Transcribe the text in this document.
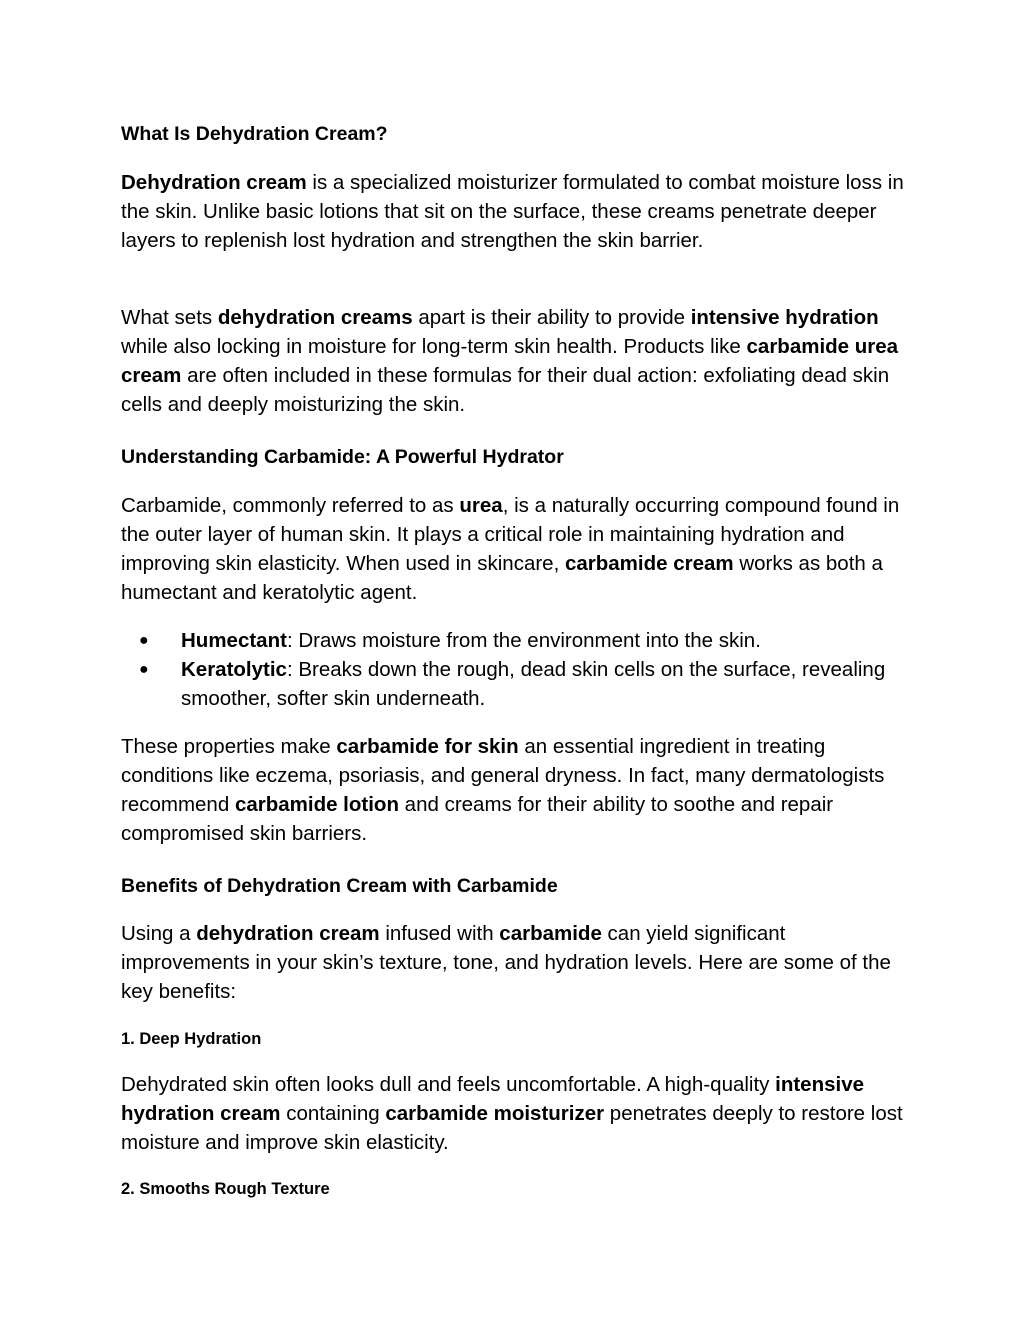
What Is Dehydration Cream?

Dehydration cream is a specialized moisturizer formulated to combat moisture loss in the skin. Unlike basic lotions that sit on the surface, these creams penetrate deeper layers to replenish lost hydration and strengthen the skin barrier.

What sets dehydration creams apart is their ability to provide intensive hydration while also locking in moisture for long-term skin health. Products like carbamide urea cream are often included in these formulas for their dual action: exfoliating dead skin cells and deeply moisturizing the skin.

Understanding Carbamide: A Powerful Hydrator

Carbamide, commonly referred to as urea, is a naturally occurring compound found in the outer layer of human skin. It plays a critical role in maintaining hydration and improving skin elasticity. When used in skincare, carbamide cream works as both a humectant and keratolytic agent.

● Humectant: Draws moisture from the environment into the skin.
● Keratolytic: Breaks down the rough, dead skin cells on the surface, revealing smoother, softer skin underneath.

These properties make carbamide for skin an essential ingredient in treating conditions like eczema, psoriasis, and general dryness. In fact, many dermatologists recommend carbamide lotion and creams for their ability to soothe and repair compromised skin barriers.

Benefits of Dehydration Cream with Carbamide

Using a dehydration cream infused with carbamide can yield significant improvements in your skin’s texture, tone, and hydration levels. Here are some of the key benefits:

1. Deep Hydration

Dehydrated skin often looks dull and feels uncomfortable. A high-quality intensive hydration cream containing carbamide moisturizer penetrates deeply to restore lost moisture and improve skin elasticity.

2. Smooths Rough Texture
